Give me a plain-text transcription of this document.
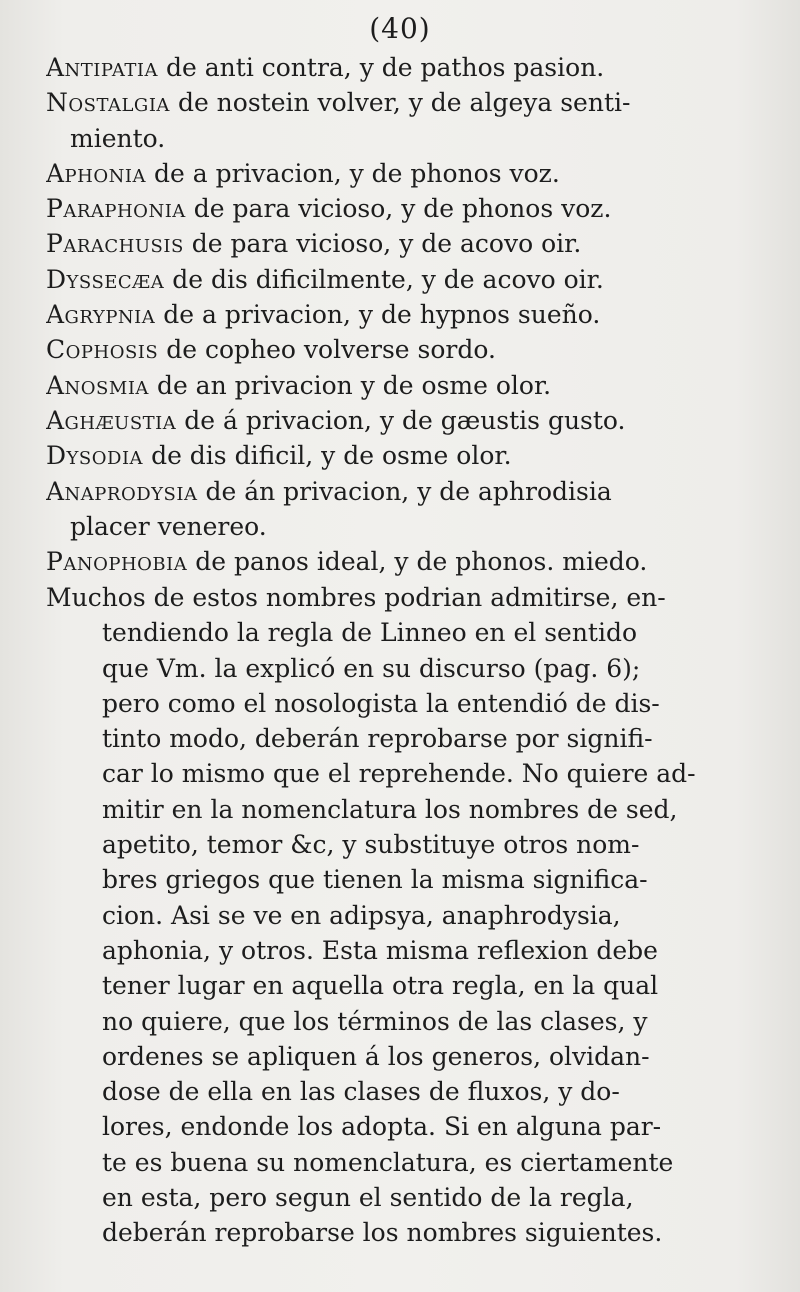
(40)
Antipatia de anti contra, y de pathos pasion.
Nostalgia de nostein volver, y de algeya senti-
miento.
Aphonia de a privacion, y de phonos voz.
Paraphonia de para vicioso, y de phonos voz.
Parachusis de para vicioso, y de acovo oir.
Dyssecæa de dis dificilmente, y de acovo oir.
Agrypnia de a privacion, y de hypnos sueño.
Cophosis de copheo volverse sordo.
Anosmia de an privacion y de osme olor.
Aghæustia de á privacion, y de gæustis gusto.
Dysodia de dis dificil, y de osme olor.
Anaprodysia de án privacion, y de aphrodisia
placer venereo.
Panophobia de panos ideal, y de phonos. miedo.
Muchos de estos nombres podrian admitirse, en-
tendiendo la regla de Linneo en el sentido
que Vm. la explicó en su discurso (pag. 6);
pero como el nosologista la entendió de dis-
tinto modo, deberán reprobarse por signifi-
car lo mismo que el reprehende. No quiere ad-
mitir en la nomenclatura los nombres de sed,
apetito, temor &c, y substituye otros nom-
bres griegos que tienen la misma significa-
cion. Asi se ve en adipsya, anaphrodysia,
aphonia, y otros. Esta misma reflexion debe
tener lugar en aquella otra regla, en la qual
no quiere, que los términos de las clases, y
ordenes se apliquen á los generos, olvidan-
dose de ella en las clases de fluxos, y do-
lores, endonde los adopta. Si en alguna par-
te es buena su nomenclatura, es ciertamente
en esta, pero segun el sentido de la regla,
deberán reprobarse los nombres siguientes.
